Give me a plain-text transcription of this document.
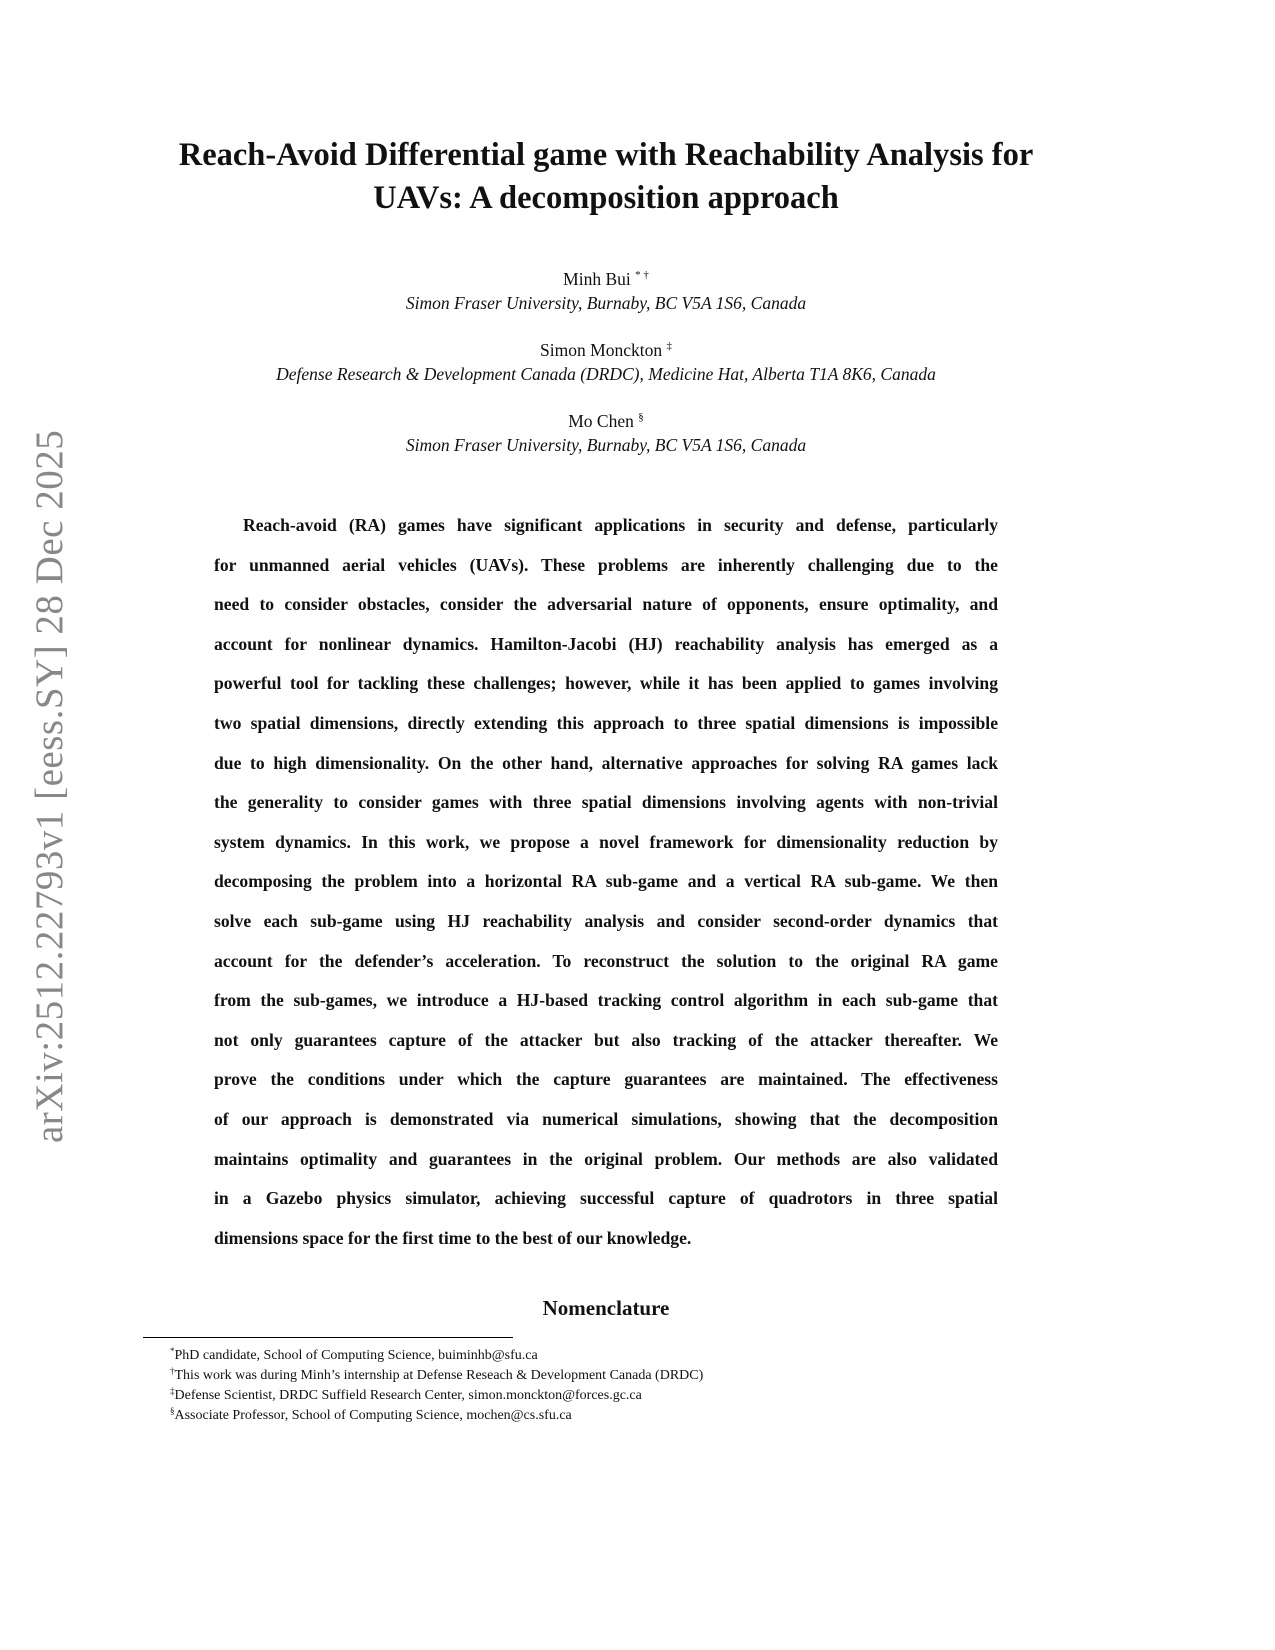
arXiv:2512.22793v1 [eess.SY] 28 Dec 2025
Reach-Avoid Differential game with Reachability Analysis for
UAVs: A decomposition approach
Minh Bui * †
Simon Fraser University, Burnaby, BC V5A 1S6, Canada
Simon Monckton ‡
Defense Research & Development Canada (DRDC), Medicine Hat, Alberta T1A 8K6, Canada
Mo Chen §
Simon Fraser University, Burnaby, BC V5A 1S6, Canada
Reach-avoid (RA) games have significant applications in security and defense, particularly
for unmanned aerial vehicles (UAVs). These problems are inherently challenging due to the
need to consider obstacles, consider the adversarial nature of opponents, ensure optimality, and
account for nonlinear dynamics. Hamilton-Jacobi (HJ) reachability analysis has emerged as a
powerful tool for tackling these challenges; however, while it has been applied to games involving
two spatial dimensions, directly extending this approach to three spatial dimensions is impossible
due to high dimensionality. On the other hand, alternative approaches for solving RA games lack
the generality to consider games with three spatial dimensions involving agents with non-trivial
system dynamics. In this work, we propose a novel framework for dimensionality reduction by
decomposing the problem into a horizontal RA sub-game and a vertical RA sub-game. We then
solve each sub-game using HJ reachability analysis and consider second-order dynamics that
account for the defender’s acceleration. To reconstruct the solution to the original RA game
from the sub-games, we introduce a HJ-based tracking control algorithm in each sub-game that
not only guarantees capture of the attacker but also tracking of the attacker thereafter. We
prove the conditions under which the capture guarantees are maintained. The effectiveness
of our approach is demonstrated via numerical simulations, showing that the decomposition
maintains optimality and guarantees in the original problem. Our methods are also validated
in a Gazebo physics simulator, achieving successful capture of quadrotors in three spatial
dimensions space for the first time to the best of our knowledge.
Nomenclature
*PhD candidate, School of Computing Science, buiminhb@sfu.ca
†This work was during Minh’s internship at Defense Reseach & Development Canada (DRDC)
‡Defense Scientist, DRDC Suffield Research Center, simon.monckton@forces.gc.ca
§Associate Professor, School of Computing Science, mochen@cs.sfu.ca
